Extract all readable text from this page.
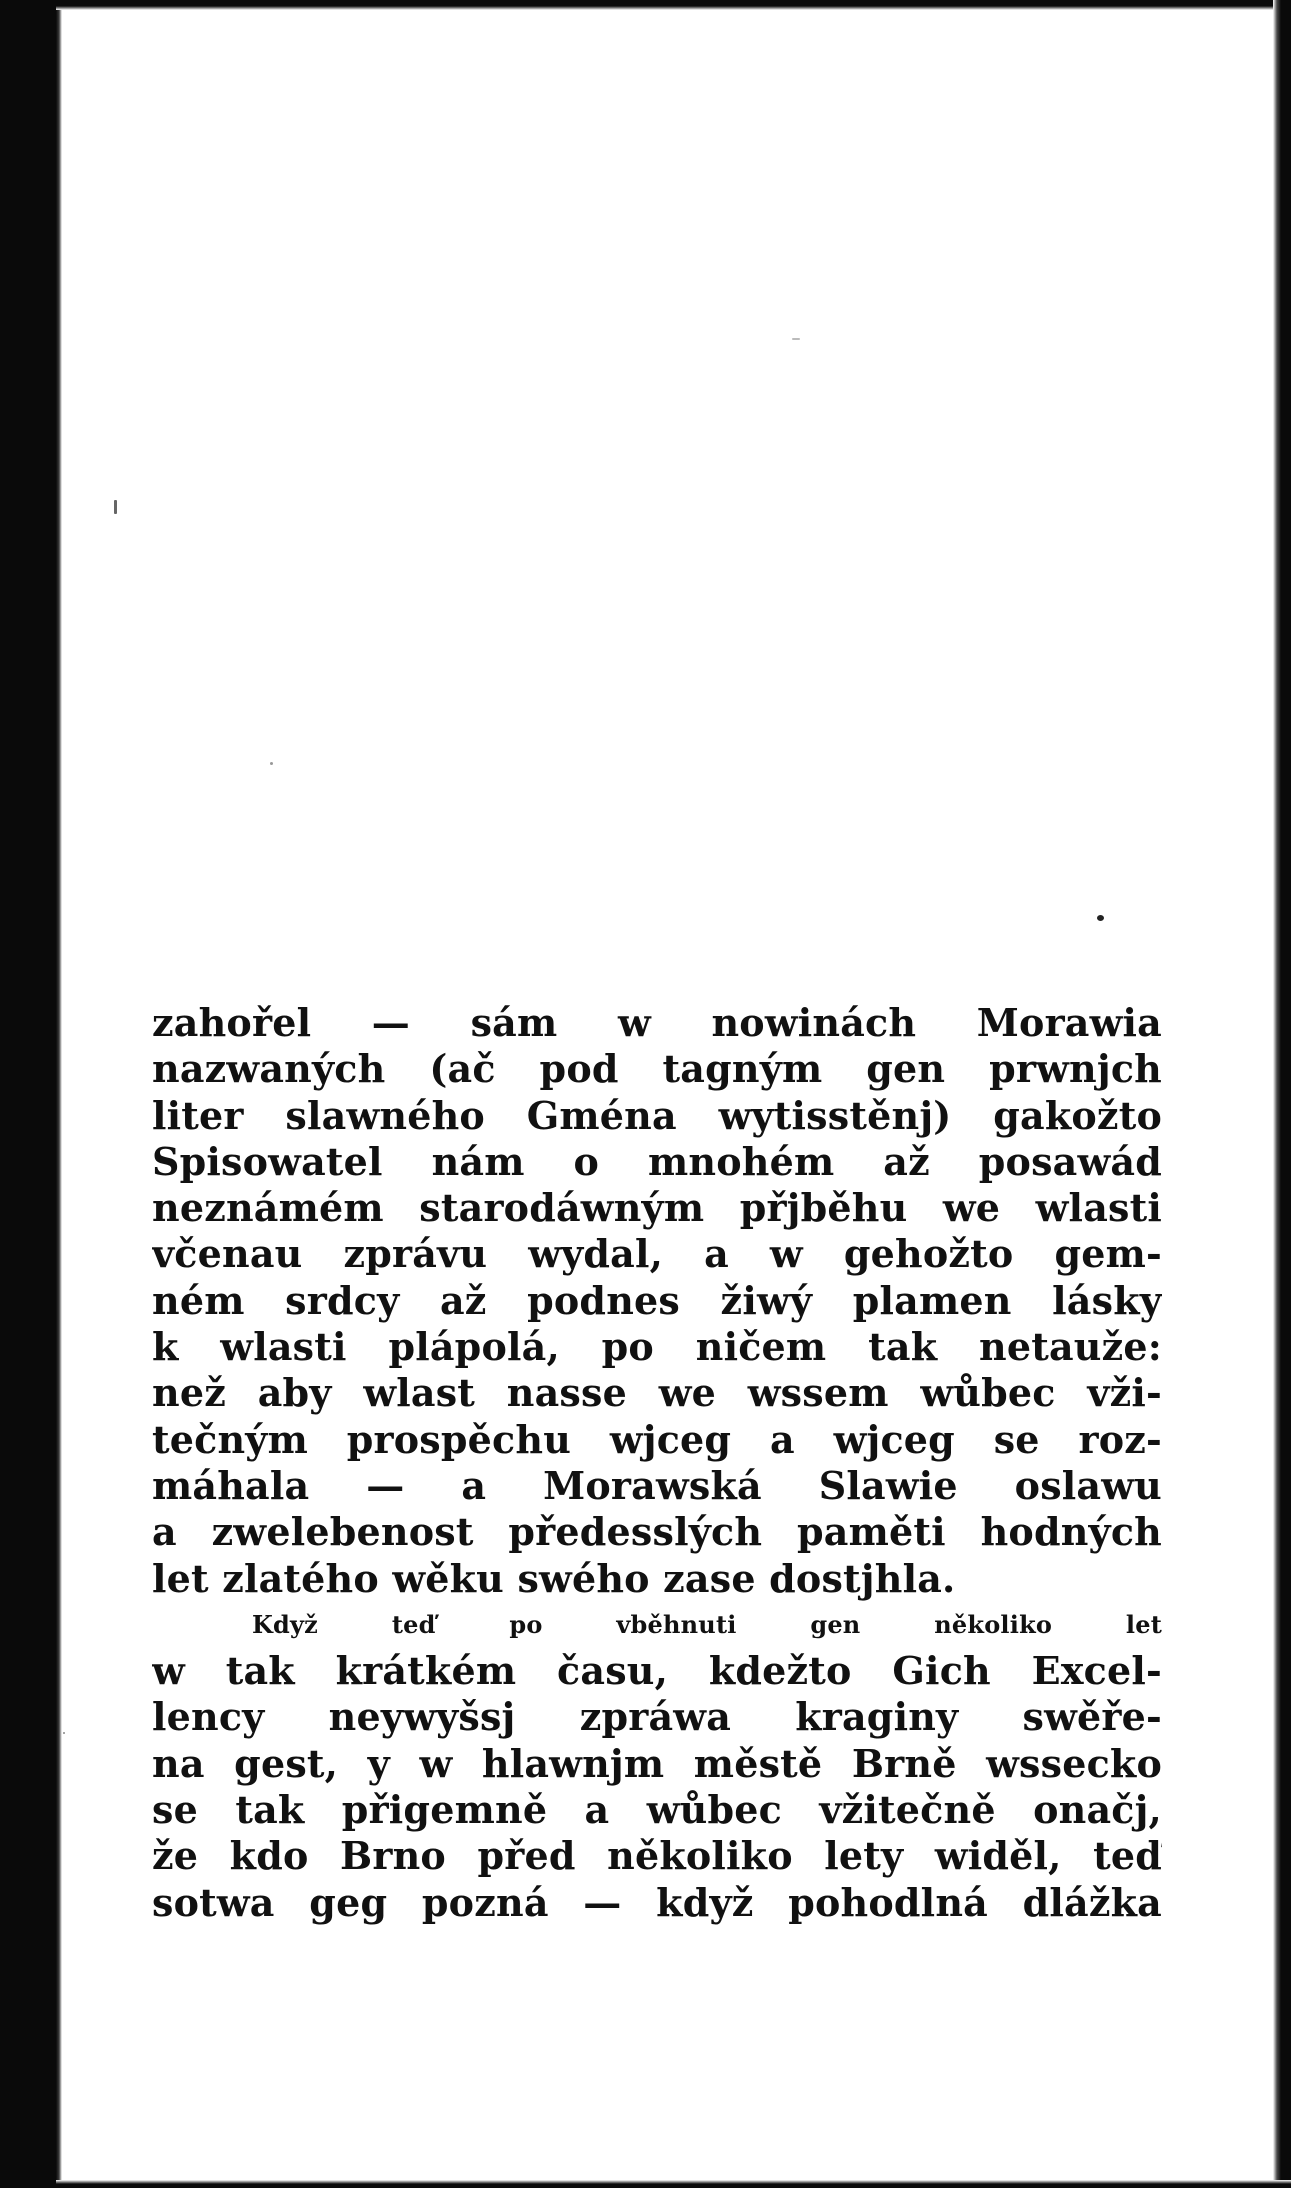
zahořel — sám w nowinách Morawia
nazwaných (ač pod tagným gen prwnjch
liter slawného Gména wytisstěnj) gakožto
Spisowatel nám o mnohém až posawád
neznámém starodáwným přjběhu we wlasti
včenau zprávu wydal, a w gehožto gem-
ném srdcy až podnes žiwý plamen lásky
k wlasti plápolá, po ničem tak netauže:
než aby wlast nasse we wssem wůbec vži-
tečným prospěchu wjceg a wjceg se roz-
máhala — a Morawská Slawie oslawu
a zwelebenost předesslých paměti hodných
let zlatého wěku swého zase dostjhla.
Když teď po vběhnuti gen několiko let
w tak krátkém času, kdežto Gich Excel-
lency neywyšsj zpráwa kraginy swěře-
na gest, y w hlawnjm městě Brně wssecko
se tak přigemně a wůbec vžitečně onačj,
že kdo Brno před několiko lety widěl, teď
sotwa geg pozná — když pohodlná dlážka
